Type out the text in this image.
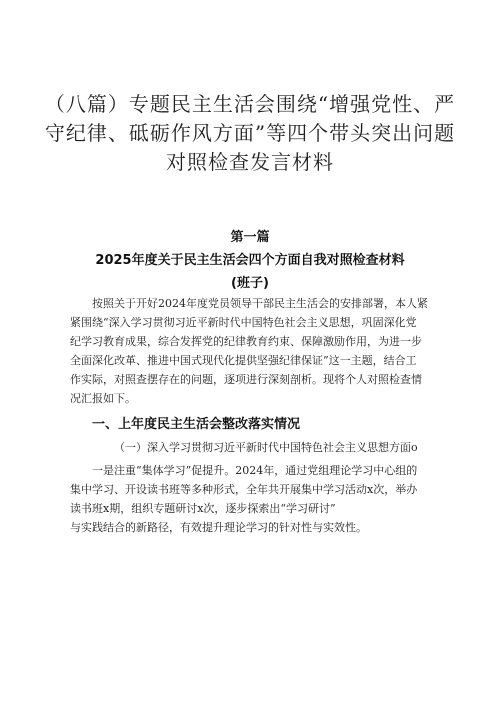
（八篇）专题民主生活会围绕“增强党性、严
守纪律、砥砺作风方面”等四个带头突出问题
对照检查发言材料
第一篇
2025年度关于民主生活会四个方面自我对照检查材料
(班子)
按照关于开好2024年度党员领导干部民主生活会的安排部署，本人紧
紧围绕“深入学习贯彻习近平新时代中国特色社会主义思想，巩固深化党
纪学习教育成果，综合发挥党的纪律教育约束、保障激励作用，为进一步
全面深化改革、推进中国式现代化提供坚强纪律保证”这一主题，结合工
作实际，对照查摆存在的问题，逐项进行深刻剖析。现将个人对照检查情
况汇报如下。
一、上年度民主生活会整改落实情况
（一）深入学习贯彻习近平新时代中国特色社会主义思想方面o
一是注重“集体学习”促提升。2024年，通过党组理论学习中心组的
集中学习、开设读书班等多种形式，全年共开展集中学习活动x次，举办
读书班x期，组织专题研讨x次，逐步探索出“学习研讨”
与实践结合的新路径，有效提升理论学习的针对性与实效性。
